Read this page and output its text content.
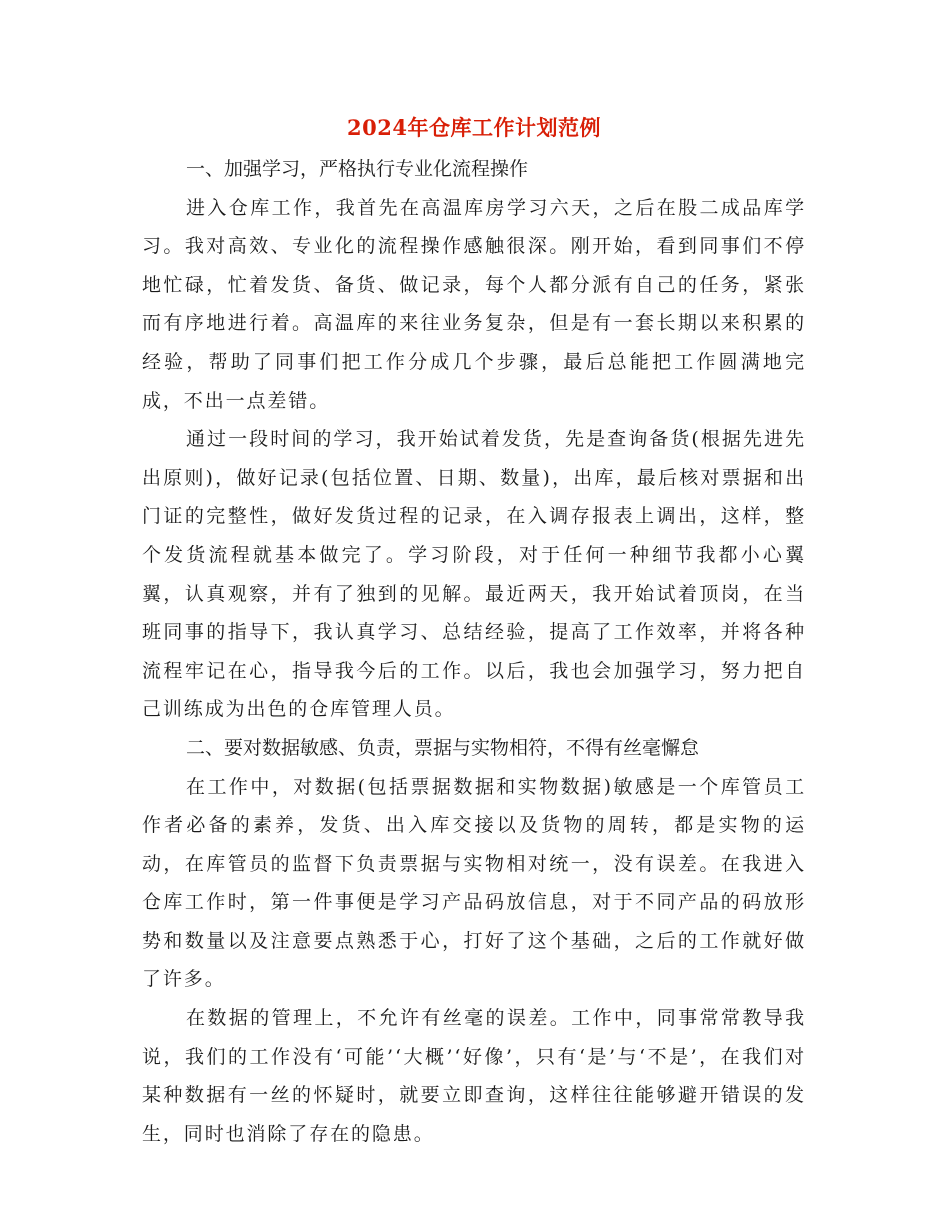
2024年仓库工作计划范例

一、加强学习，严格执行专业化流程操作

进入仓库工作，我首先在高温库房学习六天，之后在股二成品库学习。我对高效、专业化的流程操作感触很深。刚开始，看到同事们不停地忙碌，忙着发货、备货、做记录，每个人都分派有自己的任务，紧张而有序地进行着。高温库的来往业务复杂，但是有一套长期以来积累的经验，帮助了同事们把工作分成几个步骤，最后总能把工作圆满地完成，不出一点差错。

通过一段时间的学习，我开始试着发货，先是查询备货(根据先进先出原则)，做好记录(包括位置、日期、数量)，出库，最后核对票据和出门证的完整性，做好发货过程的记录，在入调存报表上调出，这样，整个发货流程就基本做完了。学习阶段，对于任何一种细节我都小心翼翼，认真观察，并有了独到的见解。最近两天，我开始试着顶岗，在当班同事的指导下，我认真学习、总结经验，提高了工作效率，并将各种流程牢记在心，指导我今后的工作。以后，我也会加强学习，努力把自己训练成为出色的仓库管理人员。

二、要对数据敏感、负责，票据与实物相符，不得有丝毫懈怠

在工作中，对数据(包括票据数据和实物数据)敏感是一个库管员工作者必备的素养，发货、出入库交接以及货物的周转，都是实物的运动，在库管员的监督下负责票据与实物相对统一，没有误差。在我进入仓库工作时，第一件事便是学习产品码放信息，对于不同产品的码放形势和数量以及注意要点熟悉于心，打好了这个基础，之后的工作就好做了许多。

在数据的管理上，不允许有丝毫的误差。工作中，同事常常教导我说，我们的工作没有‘可能’‘大概’‘好像’，只有‘是’与‘不是’，在我们对某种数据有一丝的怀疑时，就要立即查询，这样往往能够避开错误的发生，同时也消除了存在的隐患。
